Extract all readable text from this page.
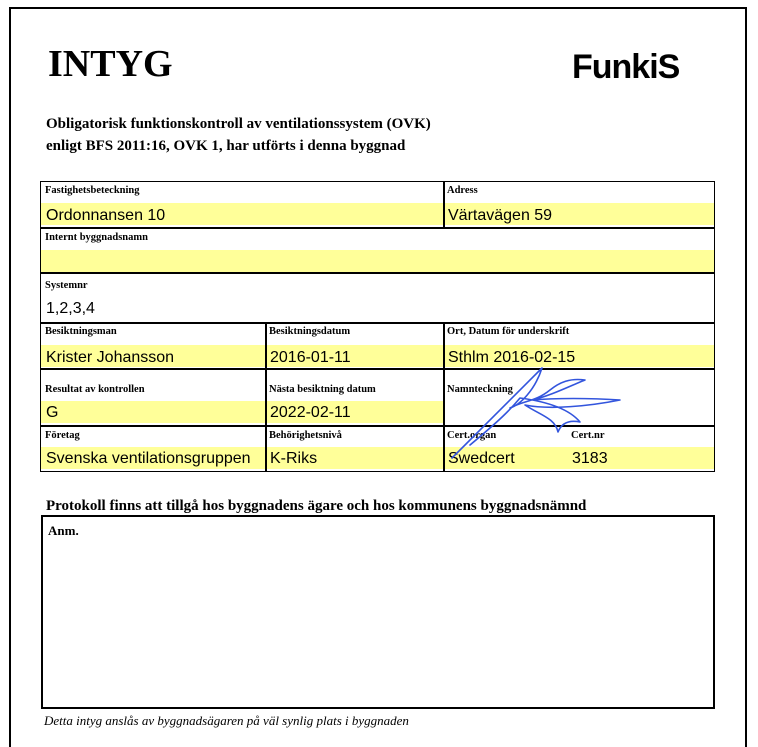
INTYG	FunkiS
Obligatorisk funktionskontroll av ventilationssystem (OVK)
enligt BFS 2011:16, OVK 1, har utförts i denna byggnad
Fastighetsbeteckning
Ordonnansen 10
Adress
Värtavägen 59
Internt byggnadsnamn
Systemnr
1,2,3,4
Besiktningsman
Krister Johansson
Besiktningsdatum
2016-01-11
Ort, Datum för underskrift
Sthlm 2016-02-15
Resultat av kontrollen
G
Nästa besiktning datum
2022-02-11
Namnteckning
Företag
Svenska ventilationsgruppen
Behörighetsnivå
K-Riks
Cert.organ
Swedcert
Cert.nr
3183
Protokoll finns att tillgå hos byggnadens ägare och hos kommunens byggnadsnämnd
Anm.
Detta intyg anslås av byggnadsägaren på väl synlig plats i byggnaden
